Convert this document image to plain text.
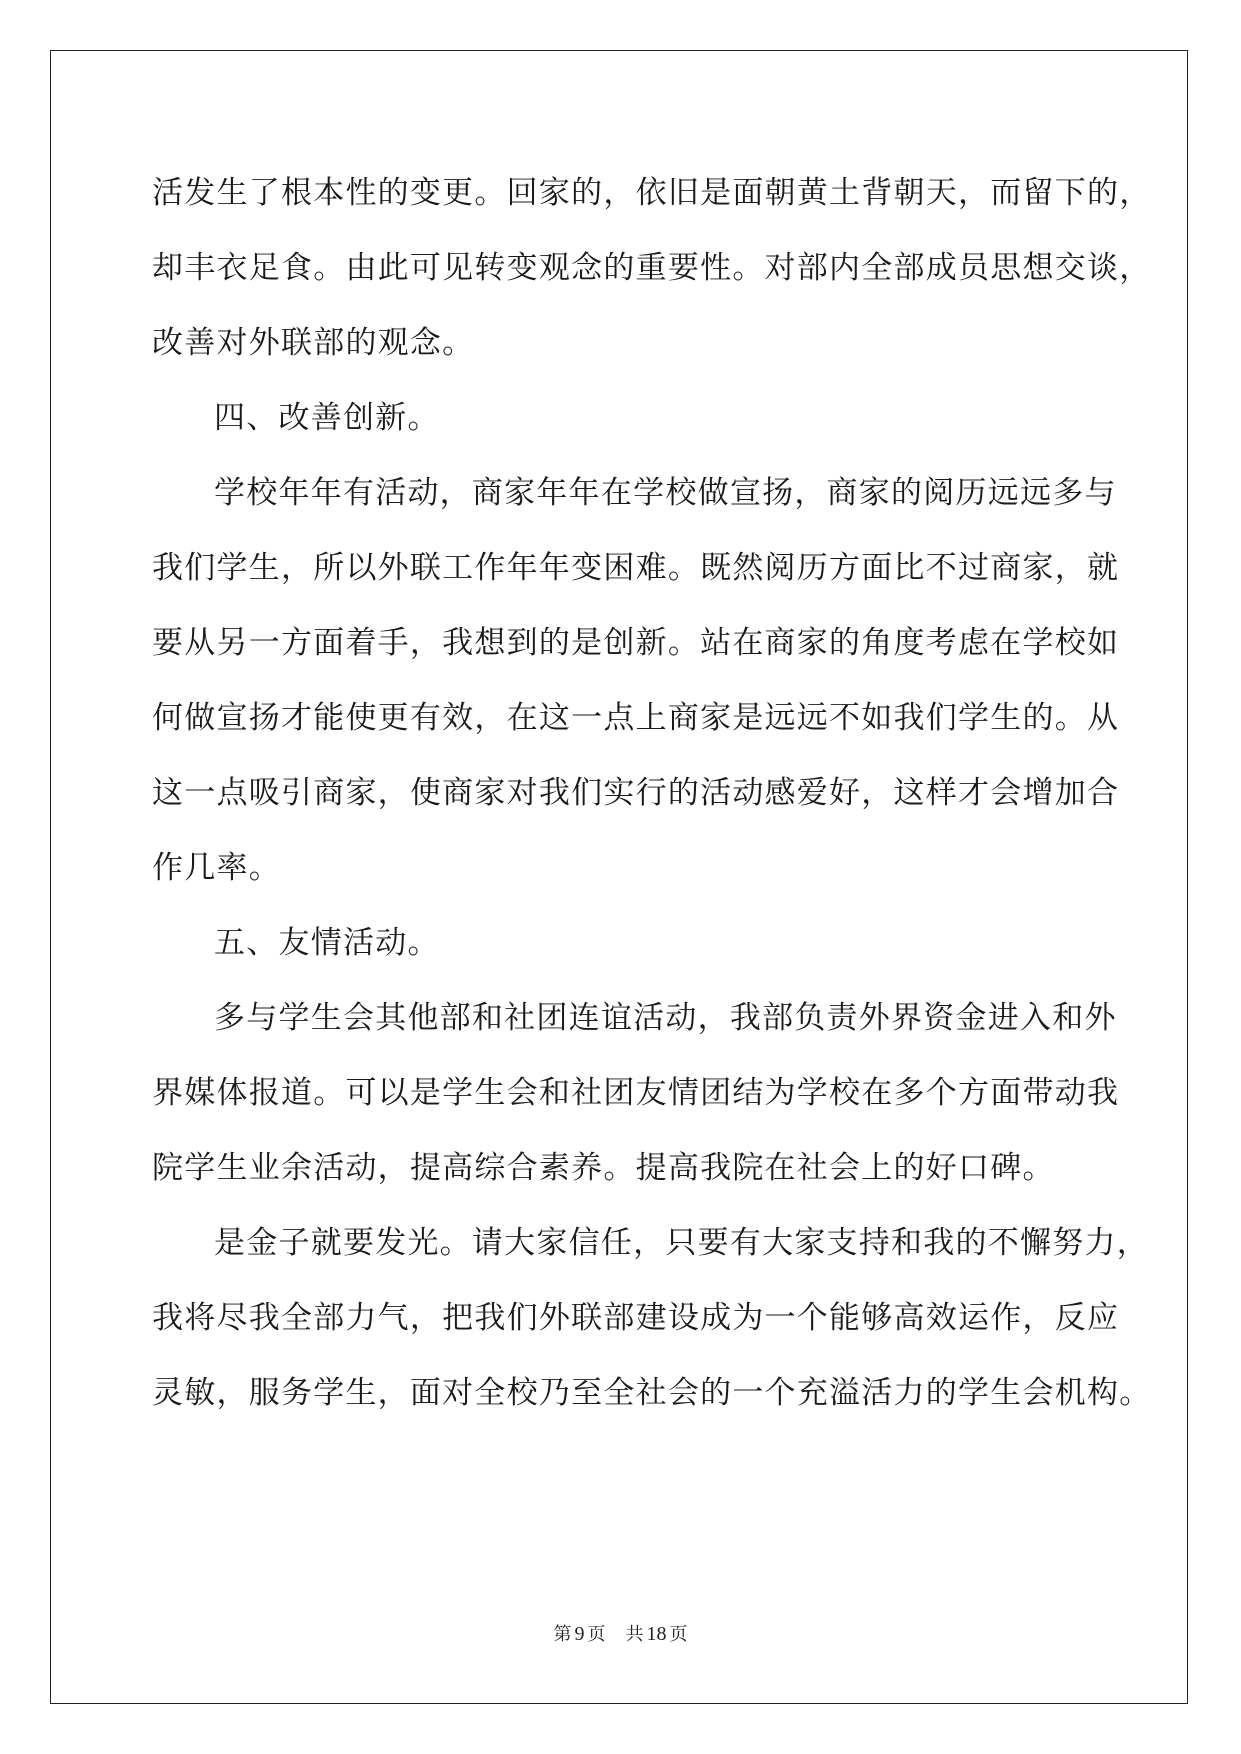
活发生了根本性的变更。回家的，依旧是面朝黄土背朝天，而留下的，
却丰衣足食。由此可见转变观念的重要性。对部内全部成员思想交谈，
改善对外联部的观念。
四、改善创新。
学校年年有活动，商家年年在学校做宣扬，商家的阅历远远多与
我们学生，所以外联工作年年变困难。既然阅历方面比不过商家，就
要从另一方面着手，我想到的是创新。站在商家的角度考虑在学校如
何做宣扬才能使更有效，在这一点上商家是远远不如我们学生的。从
这一点吸引商家，使商家对我们实行的活动感爱好，这样才会增加合
作几率。
五、友情活动。
多与学生会其他部和社团连谊活动，我部负责外界资金进入和外
界媒体报道。可以是学生会和社团友情团结为学校在多个方面带动我
院学生业余活动，提高综合素养。提高我院在社会上的好口碑。
是金子就要发光。请大家信任，只要有大家支持和我的不懈努力，
我将尽我全部力气，把我们外联部建设成为一个能够高效运作，反应
灵敏，服务学生，面对全校乃至全社会的一个充溢活力的学生会机构。
第 9 页 共 18 页
